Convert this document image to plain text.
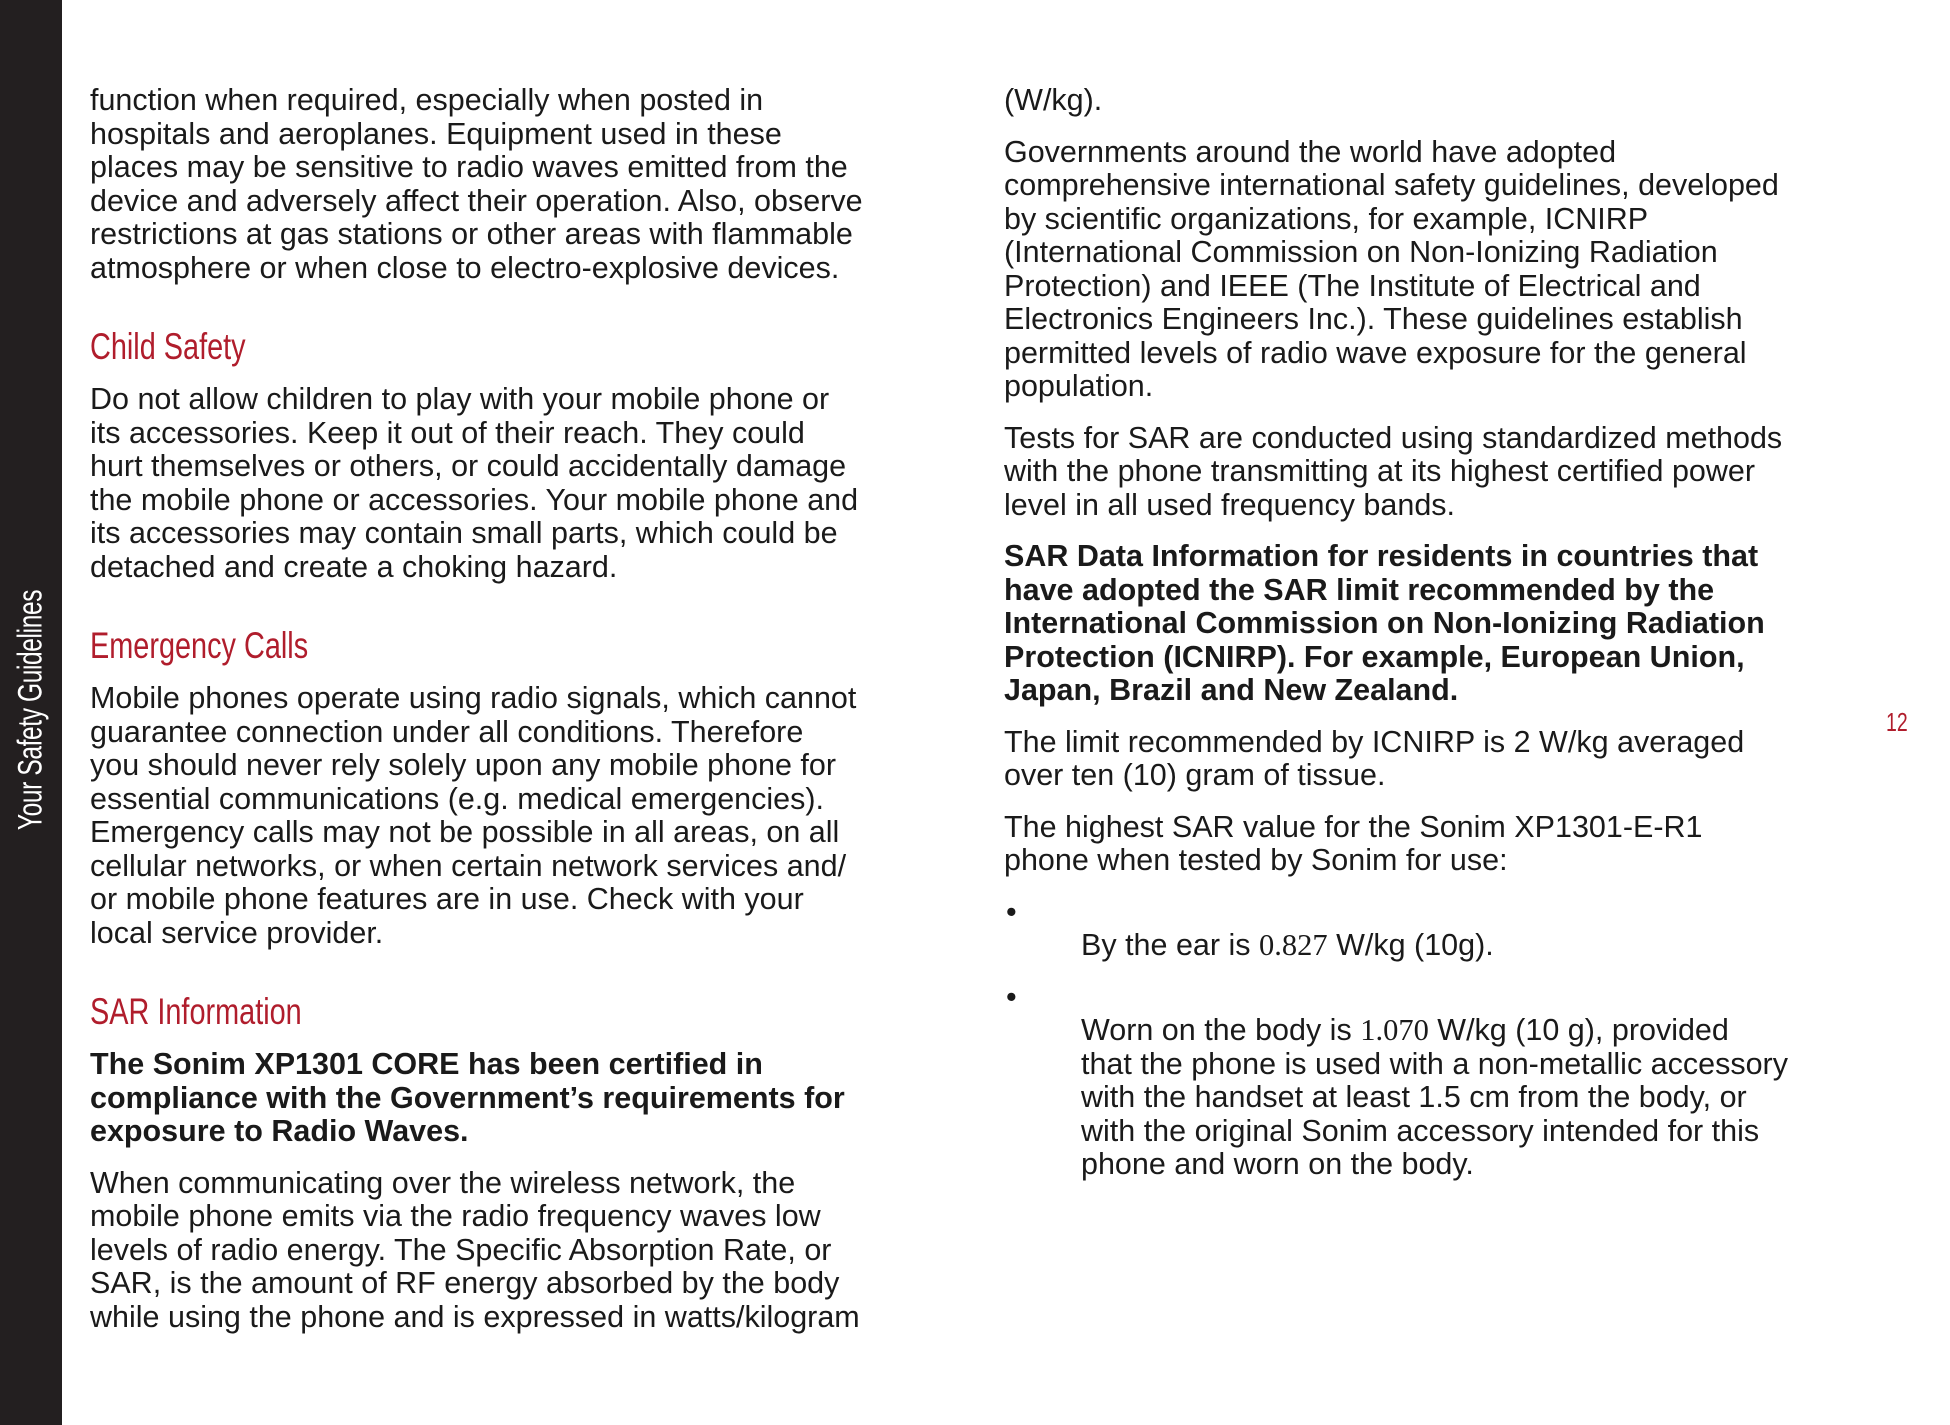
Your Safety Guidelines

function when required, especially when posted in
hospitals and aeroplanes. Equipment used in these
places may be sensitive to radio waves emitted from the
device and adversely affect their operation. Also, observe
restrictions at gas stations or other areas with flammable
atmosphere or when close to electro-explosive devices.

Child Safety

Do not allow children to play with your mobile phone or
its accessories. Keep it out of their reach. They could
hurt themselves or others, or could accidentally damage
the mobile phone or accessories. Your mobile phone and
its accessories may contain small parts, which could be
detached and create a choking hazard.

Emergency Calls

Mobile phones operate using radio signals, which cannot
guarantee connection under all conditions. Therefore
you should never rely solely upon any mobile phone for
essential communications (e.g. medical emergencies).
Emergency calls may not be possible in all areas, on all
cellular networks, or when certain network services and/
or mobile phone features are in use. Check with your
local service provider.

SAR Information

The Sonim XP1301 CORE has been certified in
compliance with the Government’s requirements for
exposure to Radio Waves.

When communicating over the wireless network, the
mobile phone emits via the radio frequency waves low
levels of radio energy. The Specific Absorption Rate, or
SAR, is the amount of RF energy absorbed by the body
while using the phone and is expressed in watts/kilogram

(W/kg).

Governments around the world have adopted
comprehensive international safety guidelines, developed
by scientific organizations, for example, ICNIRP
(International Commission on Non-Ionizing Radiation
Protection) and IEEE (The Institute of Electrical and
Electronics Engineers Inc.). These guidelines establish
permitted levels of radio wave exposure for the general
population.

Tests for SAR are conducted using standardized methods
with the phone transmitting at its highest certified power
level in all used frequency bands.

SAR Data Information for residents in countries that
have adopted the SAR limit recommended by the
International Commission on Non-Ionizing Radiation
Protection (ICNIRP). For example, European Union,
Japan, Brazil and New Zealand.

The limit recommended by ICNIRP is 2 W/kg averaged
over ten (10) gram of tissue.

The highest SAR value for the Sonim XP1301-E-R1
phone when tested by Sonim for use:

•
By the ear is 0.827 W/kg (10g).

•
Worn on the body is 1.070 W/kg (10 g), provided
that the phone is used with a non-metallic accessory
with the handset at least 1.5 cm from the body, or
with the original Sonim accessory intended for this
phone and worn on the body.

12
